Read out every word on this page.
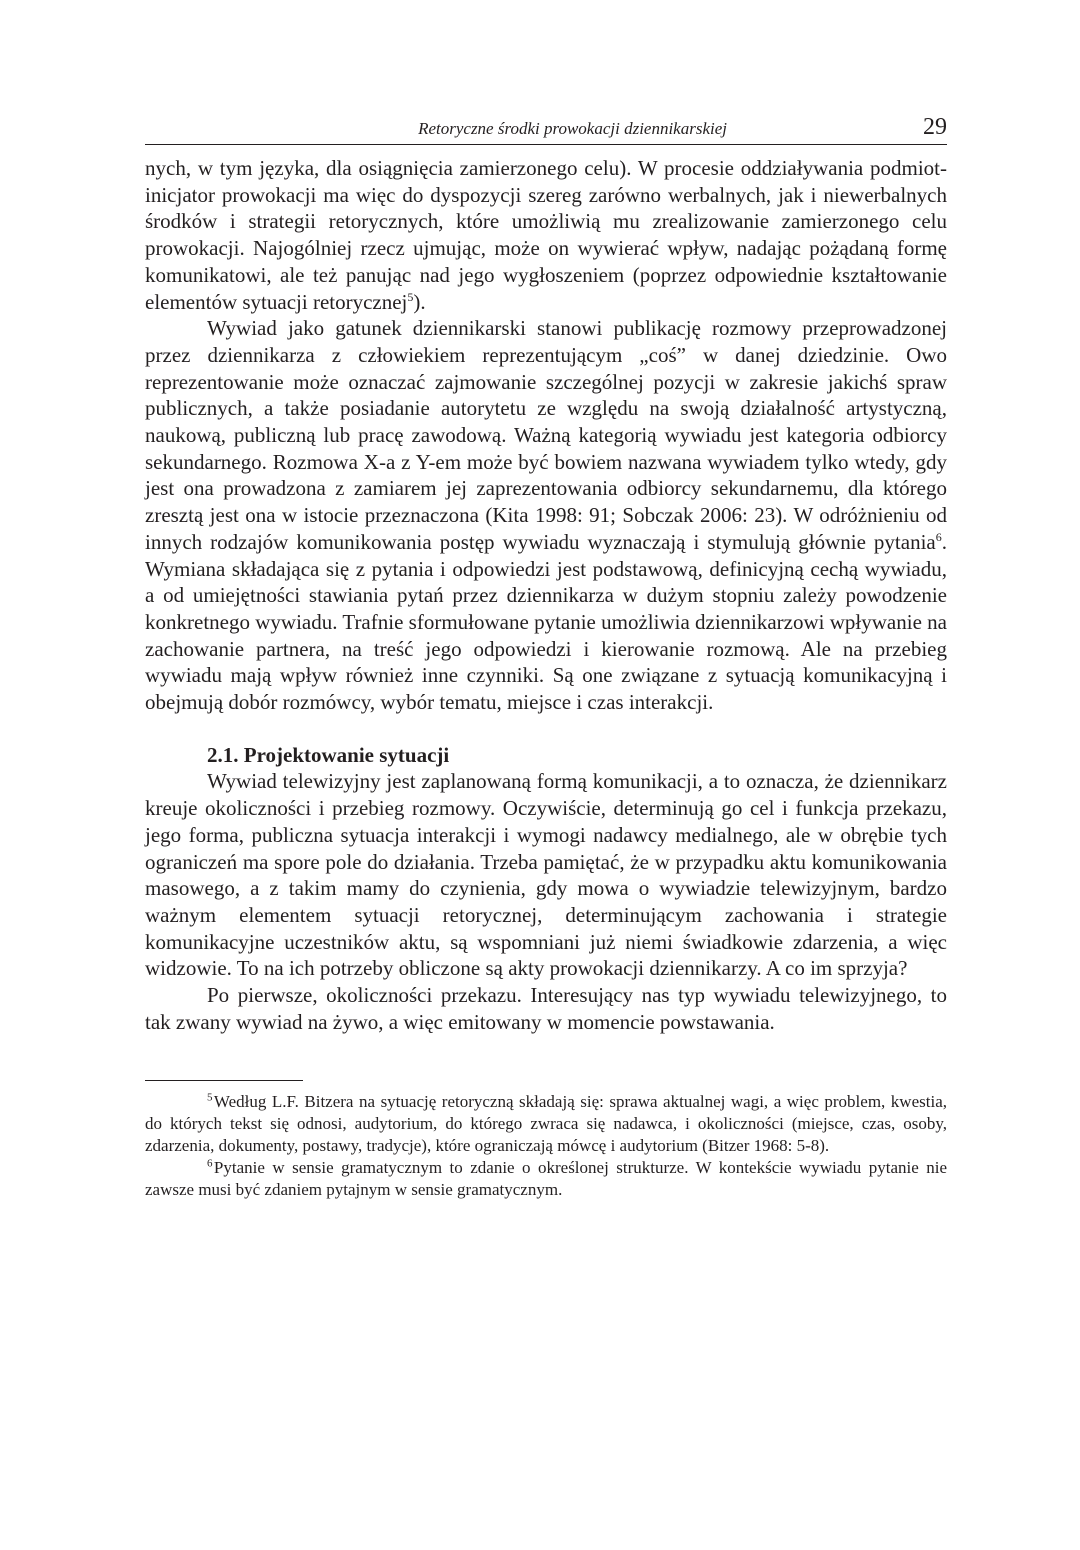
Retoryczne środki prowokacji dziennikarskiej	29

nych, w tym języka, dla osiągnięcia zamierzonego celu). W procesie oddziaływania podmiot-inicjator prowokacji ma więc do dyspozycji szereg zarówno werbalnych, jak i niewerbalnych środków i strategii retorycznych, które umożliwią mu zrealizowanie zamierzonego celu prowokacji. Najogólniej rzecz ujmując, może on wywierać wpływ, nadając pożądaną formę komunikatowi, ale też panując nad jego wygłoszeniem (poprzez odpowiednie kształtowanie elementów sytuacji retorycznej$^5$).

Wywiad jako gatunek dziennikarski stanowi publikację rozmowy przeprowadzonej przez dziennikarza z człowiekiem reprezentującym „coś” w danej dziedzinie. Owo reprezentowanie może oznaczać zajmowanie szczególnej pozycji w zakresie jakichś spraw publicznych, a także posiadanie autorytetu ze względu na swoją działalność artystyczną, naukową, publiczną lub pracę zawodową. Ważną kategorią wywiadu jest kategoria odbiorcy sekundarnego. Rozmowa X-a z Y-em może być bowiem nazwana wywiadem tylko wtedy, gdy jest ona prowadzona z zamiarem jej zaprezentowania odbiorcy sekundarnemu, dla którego zresztą jest ona w istocie przeznaczona (Kita 1998: 91; Sobczak 2006: 23). W odróżnieniu od innych rodzajów komunikowania postęp wywiadu wyznaczają i stymulują głównie pytania$^6$. Wymiana składająca się z pytania i odpowiedzi jest podstawową, definicyjną cechą wywiadu, a od umiejętności stawiania pytań przez dziennikarza w dużym stopniu zależy powodzenie konkretnego wywiadu. Trafnie sformułowane pytanie umożliwia dziennikarzowi wpływanie na zachowanie partnera, na treść jego odpowiedzi i kierowanie rozmową. Ale na przebieg wywiadu mają wpływ również inne czynniki. Są one związane z sytuacją komunikacyjną i obejmują dobór rozmówcy, wybór tematu, miejsce i czas interakcji.

2.1. Projektowanie sytuacji

Wywiad telewizyjny jest zaplanowaną formą komunikacji, a to oznacza, że dziennikarz kreuje okoliczności i przebieg rozmowy. Oczywiście, determinują go cel i funkcja przekazu, jego forma, publiczna sytuacja interakcji i wymogi nadawcy medialnego, ale w obrębie tych ograniczeń ma spore pole do działania. Trzeba pamiętać, że w przypadku aktu komunikowania masowego, a z takim mamy do czynienia, gdy mowa o wywiadzie telewizyjnym, bardzo ważnym elementem sytuacji retorycznej, determinującym zachowania i strategie komunikacyjne uczestników aktu, są wspomniani już niemi świadkowie zdarzenia, a więc widzowie. To na ich potrzeby obliczone są akty prowokacji dziennikarzy. A co im sprzyja?

Po pierwsze, okoliczności przekazu. Interesujący nas typ wywiadu telewizyjnego, to tak zwany wywiad na żywo, a więc emitowany w momencie powstawania.

$^5$ Według L.F. Bitzera na sytuację retoryczną składają się: sprawa aktualnej wagi, a więc problem, kwestia, do których tekst się odnosi, audytorium, do którego zwraca się nadawca, i okoliczności (miejsce, czas, osoby, zdarzenia, dokumenty, postawy, tradycje), które ograniczają mówcę i audytorium (Bitzer 1968: 5-8).

$^6$ Pytanie w sensie gramatycznym to zdanie o określonej strukturze. W kontekście wywiadu pytanie nie zawsze musi być zdaniem pytajnym w sensie gramatycznym.
